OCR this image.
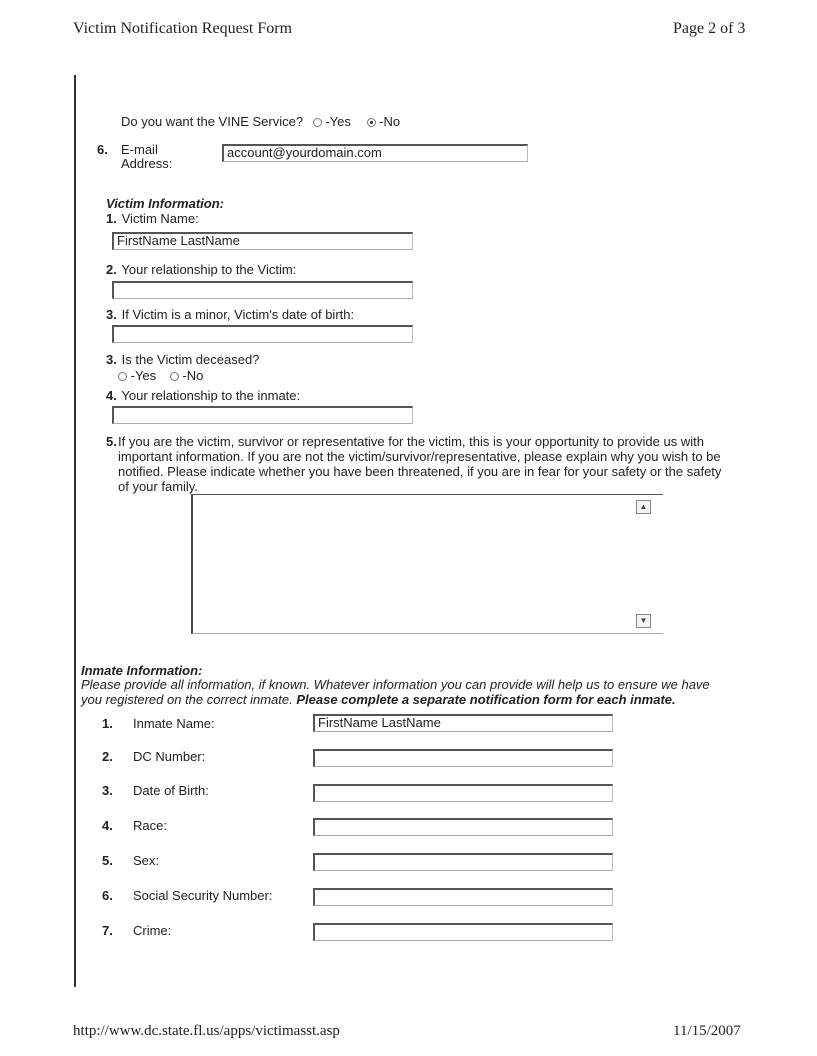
Victim Notification Request Form	Page 2 of 3
Do you want the VINE Service? -Yes -No
6. E-mail
Address:
account@yourdomain.com
Victim Information:
1. Victim Name:
FirstName LastName
2. Your relationship to the Victim:
3. If Victim is a minor, Victim's date of birth:
3. Is the Victim deceased?
-Yes -No
4. Your relationship to the inmate:
5. If you are the victim, survivor or representative for the victim, this is your opportunity to provide us with
important information. If you are not the victim/survivor/representative, please explain why you wish to be
notified. Please indicate whether you have been threatened, if you are in fear for your safety or the safety
of your family.
▲
▼
Inmate Information:
Please provide all information, if known. Whatever information you can provide will help us to ensure we have
you registered on the correct inmate. Please complete a separate notification form for each inmate.
1. Inmate Name:	FirstName LastName
2. DC Number:
3. Date of Birth:
4. Race:
5. Sex:
6. Social Security Number:
7. Crime:
http://www.dc.state.fl.us/apps/victimasst.asp	11/15/2007
